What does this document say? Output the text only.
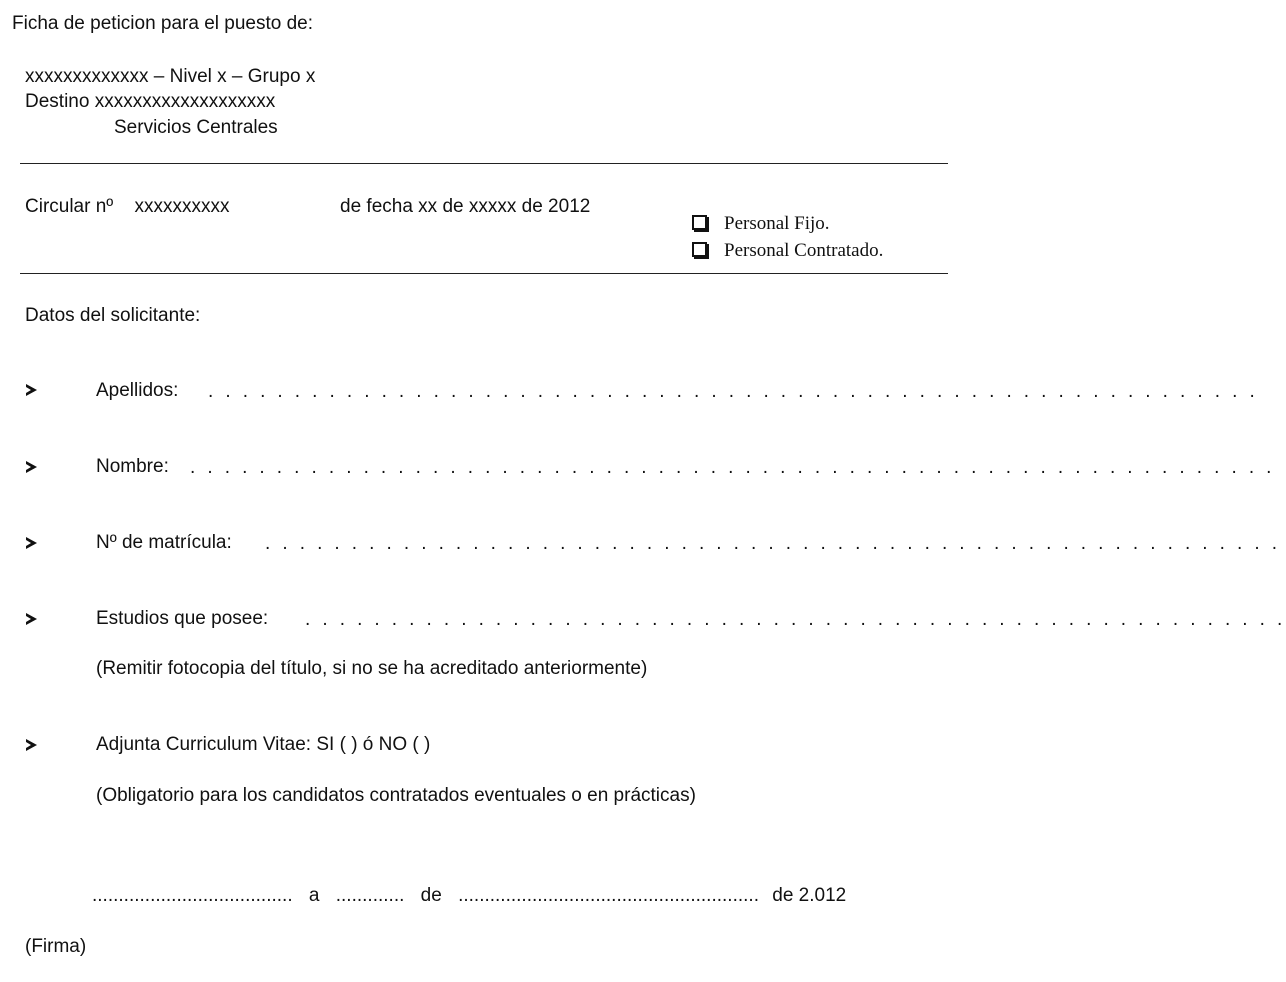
Ficha de peticion para el puesto de:
xxxxxxxxxxxxx – Nivel x – Grupo x
Destino xxxxxxxxxxxxxxxxxxx
Servicios Centrales
Circular nº xxxxxxxxxx	de fecha xx de xxxxx de 2012
Personal Fijo.
Personal Contratado.
Datos del solicitante:
Apellidos: . . . . . . . . . . . . . . . . . . . . . . . . . . . . . . . . . . . . . . . . . . . . . . . . . . . . . . . . . . . . .
Nombre: . . . . . . . . . . . . . . . . . . . . . . . . . . . . . . . . . . . . . . . . . . . . . . . . . . . . . . . . . . . . . . .
Nº de matrícula: . . . . . . . . . . . . . . . . . . . . . . . . . . . . . . . . . . . . . . . . . . . . . . . . . . . . . . . . . . .
Estudios que posee: . . . . . . . . . . . . . . . . . . . . . . . . . . . . . . . . . . . . . . . . . . . . . . . . . . . . . . . . .
(Remitir fotocopia del título, si no se ha acreditado anteriormente)
Adjunta Curriculum Vitae: SI ( ) ó NO ( )
(Obligatorio para los candidatos contratados eventuales o en prácticas)
...................................... a ............. de ......................................................... de 2.012
(Firma)
